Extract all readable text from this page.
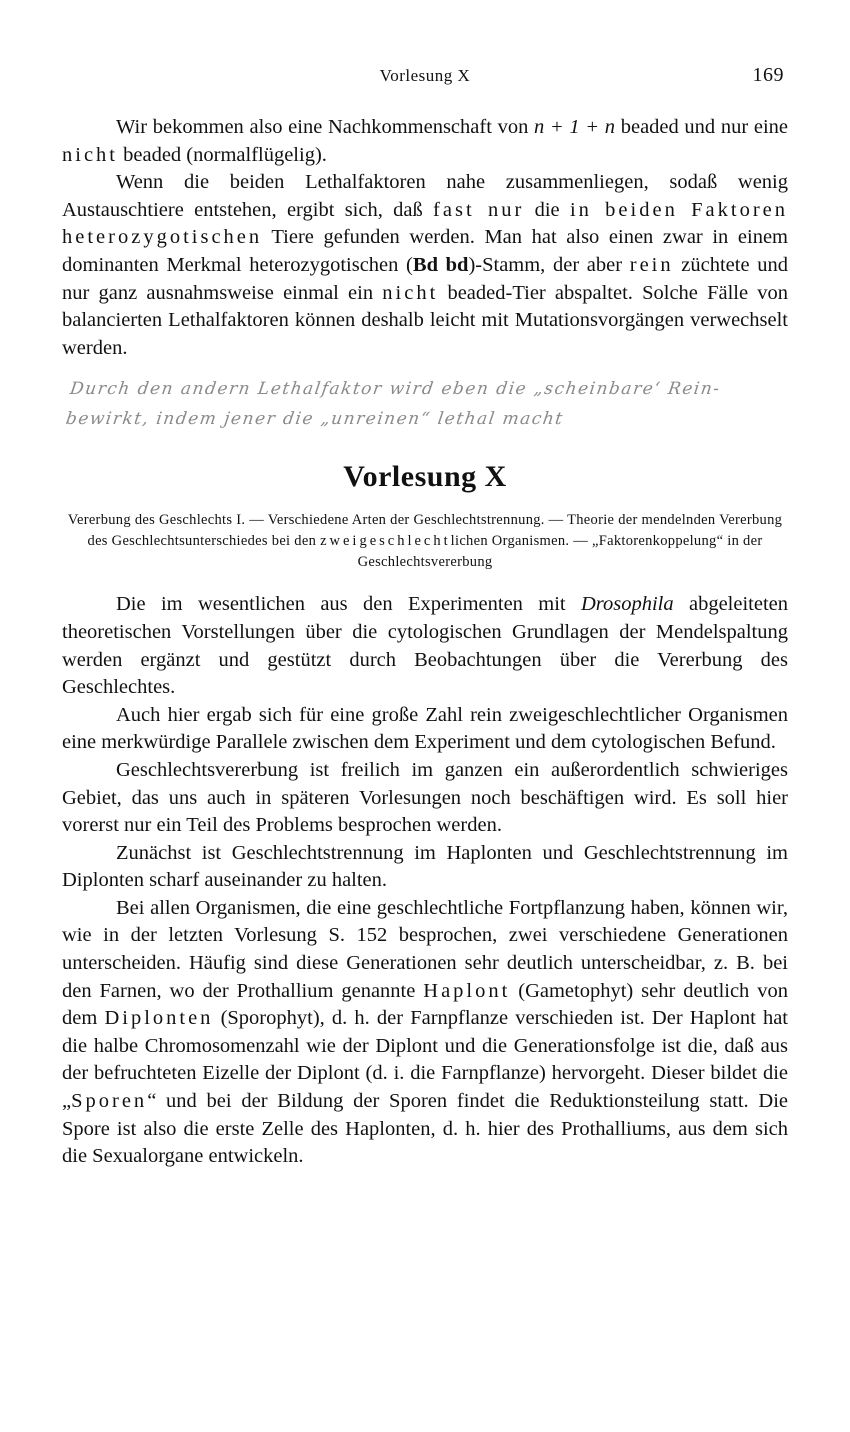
Vorlesung X	169

Wir bekommen also eine Nachkommenschaft von n + 1 + n beaded und nur eine nicht beaded (normalflügelig).

Wenn die beiden Lethalfaktoren nahe zusammenliegen, sodaß wenig Austauschtiere entstehen, ergibt sich, daß fast nur die in beiden Faktoren heterozygotischen Tiere gefunden werden. Man hat also einen zwar in einem dominanten Merkmal heterozygotischen (Bd bd)-Stamm, der aber rein züchtete und nur ganz ausnahmsweise einmal ein nicht beaded-Tier abspaltet. Solche Fälle von balancierten Lethalfaktoren können deshalb leicht mit Mutationsvorgängen verwechselt werden.

Durch den andern Lethalfaktor wird eben die „scheinbare‘ Rein-
bewirkt, indem jener die „unreinen“ lethal macht
Vorlesung X
Vererbung des Geschlechts I. — Verschiedene Arten der Geschlechtstrennung. — Theorie der mendelnden Vererbung des Geschlechtsunterschiedes bei den zweigeschlechtlichen Organismen. — „Faktorenkoppelung“ in der Geschlechtsvererbung

Die im wesentlichen aus den Experimenten mit Drosophila abgeleiteten theoretischen Vorstellungen über die cytologischen Grundlagen der Mendelspaltung werden ergänzt und gestützt durch Beobachtungen über die Vererbung des Geschlechtes.

Auch hier ergab sich für eine große Zahl rein zweigeschlechtlicher Organismen eine merkwürdige Parallele zwischen dem Experiment und dem cytologischen Befund.

Geschlechtsvererbung ist freilich im ganzen ein außerordentlich schwieriges Gebiet, das uns auch in späteren Vorlesungen noch beschäftigen wird. Es soll hier vorerst nur ein Teil des Problems besprochen werden.

Zunächst ist Geschlechtstrennung im Haplonten und Geschlechtstrennung im Diplonten scharf auseinander zu halten.

Bei allen Organismen, die eine geschlechtliche Fortpflanzung haben, können wir, wie in der letzten Vorlesung S. 152 besprochen, zwei verschiedene Generationen unterscheiden. Häufig sind diese Generationen sehr deutlich unterscheidbar, z. B. bei den Farnen, wo der Prothallium genannte Haplont (Gametophyt) sehr deutlich von dem Diplonten (Sporophyt), d. h. der Farnpflanze verschieden ist. Der Haplont hat die halbe Chromosomenzahl wie der Diplont und die Generationsfolge ist die, daß aus der befruchteten Eizelle der Diplont (d. i. die Farnpflanze) hervorgeht. Dieser bildet die „Sporen“ und bei der Bildung der Sporen findet die Reduktionsteilung statt. Die Spore ist also die erste Zelle des Haplonten, d. h. hier des Prothalliums, aus dem sich die Sexualorgane entwickeln.
